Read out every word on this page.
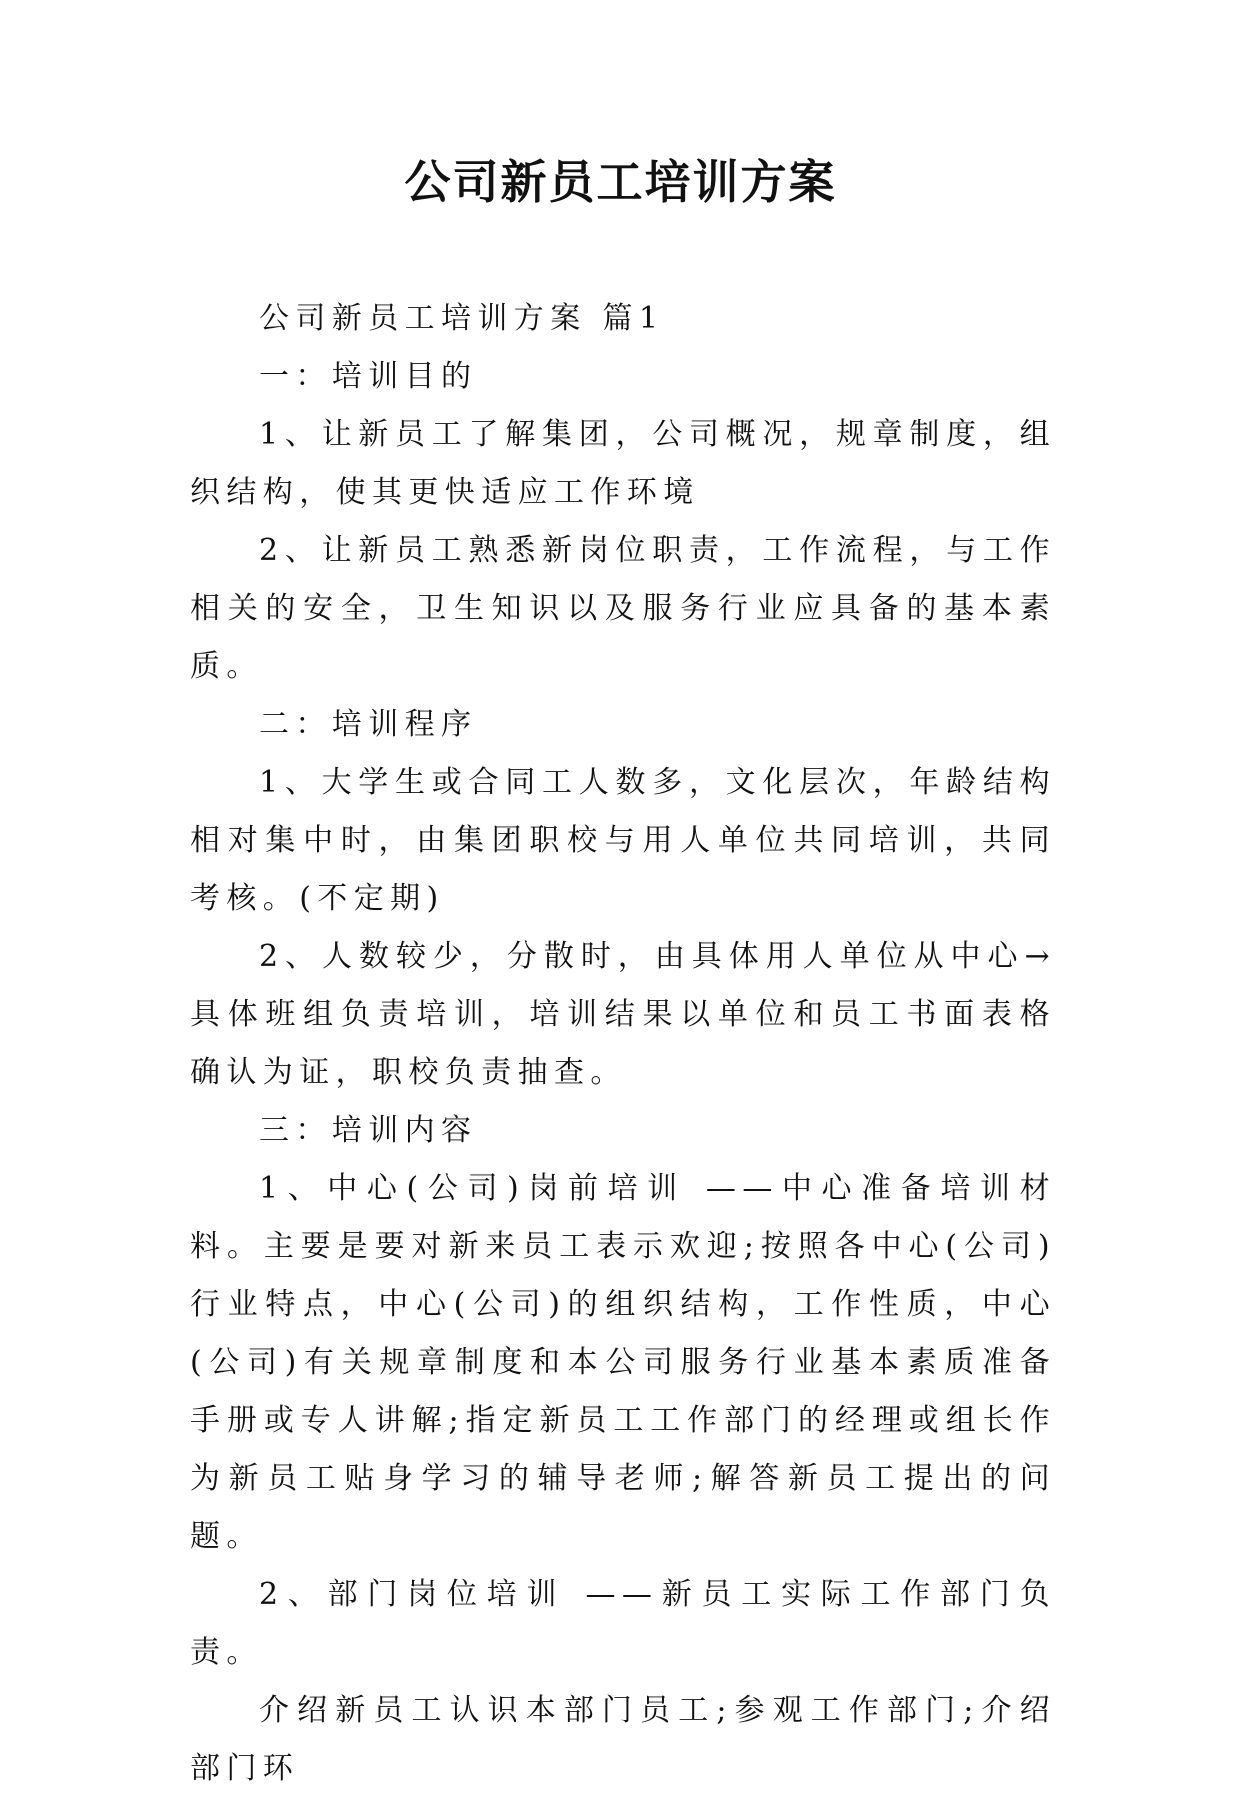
公司新员工培训方案

公司新员工培训方案 篇1

一：培训目的

1、让新员工了解集团，公司概况，规章制度，组织结构，使其更快适应工作环境

2、让新员工熟悉新岗位职责，工作流程，与工作相关的安全，卫生知识以及服务行业应具备的基本素质。

二：培训程序

1、大学生或合同工人数多，文化层次，年龄结构相对集中时，由集团职校与用人单位共同培训，共同考核。(不定期)

2、人数较少，分散时，由具体用人单位从中心→具体班组负责培训，培训结果以单位和员工书面表格确认为证，职校负责抽查。

三：培训内容

1、中心(公司)岗前培训 ——中心准备培训材料。主要是要对新来员工表示欢迎;按照各中心(公司)行业特点，中心(公司)的组织结构，工作性质，中心(公司)有关规章制度和本公司服务行业基本素质准备手册或专人讲解;指定新员工工作部门的经理或组长作为新员工贴身学习的辅导老师;解答新员工提出的问题。

2、部门岗位培训 ——新员工实际工作部门负责。

介绍新员工认识本部门员工;参观工作部门;介绍部门环
